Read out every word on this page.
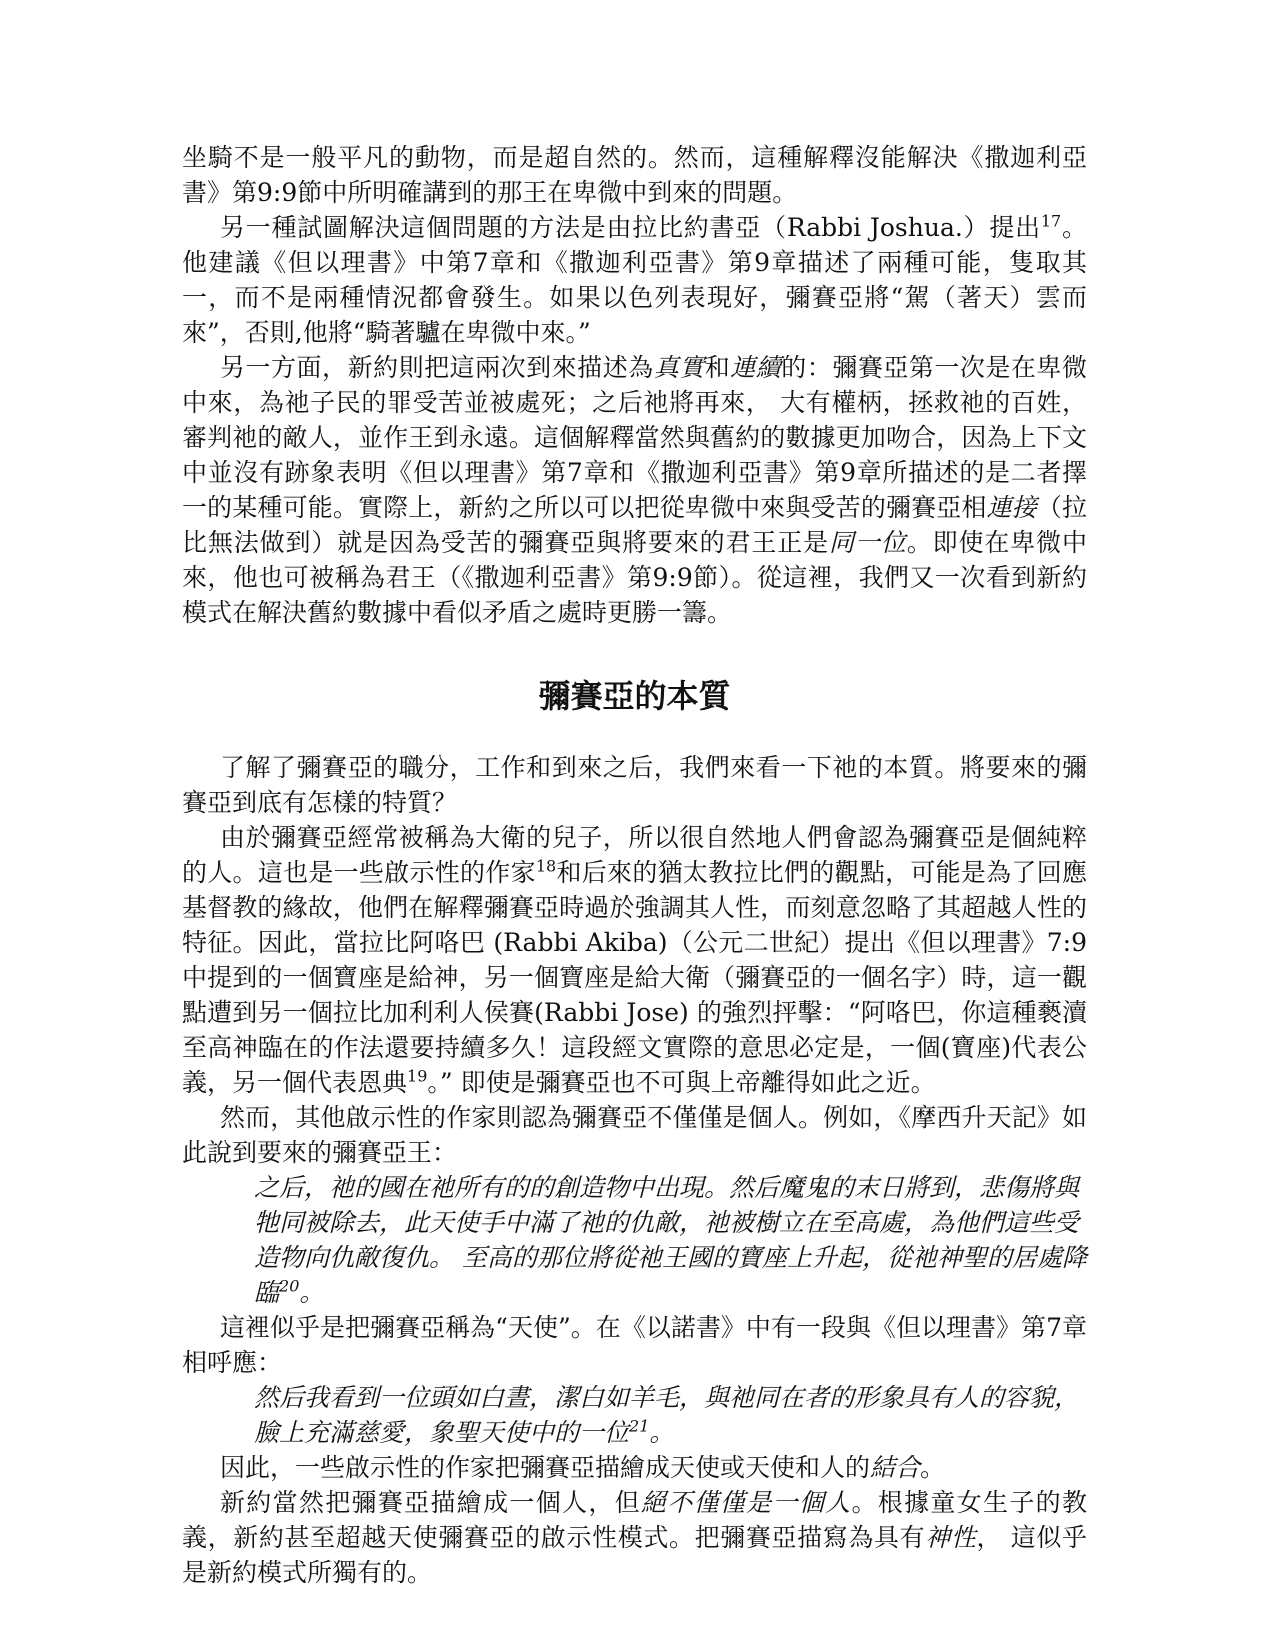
坐騎不是一般平凡的動物，而是超自然的。然而，這種解釋沒能解決《撒迦利亞書》第9:9節中所明確講到的那王在卑微中到來的問題。

另一種試圖解決這個問題的方法是由拉比約書亞（Rabbi Joshua.）提出$^{17}$。他建議《但以理書》中第7章和《撒迦利亞書》第9章描述了兩種可能，隻取其一，而不是兩種情況都會發生。如果以色列表現好，彌賽亞將“駕（著天）雲而來”，否則,他將“騎著驢在卑微中來。”

另一方面，新約則把這兩次到來描述為真實和連續的：彌賽亞第一次是在卑微中來，為祂子民的罪受苦並被處死；之后祂將再來， 大有權柄，拯救祂的百姓，審判祂的敵人，並作王到永遠。這個解釋當然與舊約的數據更加吻合，因為上下文中並沒有跡象表明《但以理書》第7章和《撒迦利亞書》第9章所描述的是二者擇一的某種可能。實際上，新約之所以可以把從卑微中來與受苦的彌賽亞相連接（拉比無法做到）就是因為受苦的彌賽亞與將要來的君王正是同一位。即使在卑微中來，他也可被稱為君王（《撒迦利亞書》第9:9節）。從這裡，我們又一次看到新約模式在解決舊約數據中看似矛盾之處時更勝一籌。

彌賽亞的本質

了解了彌賽亞的職分，工作和到來之后，我們來看一下祂的本質。將要來的彌賽亞到底有怎樣的特質？

由於彌賽亞經常被稱為大衛的兒子，所以很自然地人們會認為彌賽亞是個純粹的人。這也是一些啟示性的作家$^{18}$和后來的猶太教拉比們的觀點，可能是為了回應基督教的緣故，他們在解釋彌賽亞時過於強調其人性，而刻意忽略了其超越人性的特征。因此，當拉比阿咯巴 (Rabbi Akiba)（公元二世紀）提出《但以理書》7:9中提到的一個寶座是給神，另一個寶座是給大衛（彌賽亞的一個名字）時，這一觀點遭到另一個拉比加利利人侯賽(Rabbi Jose) 的強烈抨擊：“阿咯巴，你這種褻瀆至高神臨在的作法還要持續多久！這段經文實際的意思必定是，一個(寶座)代表公義，另一個代表恩典$^{19}$。” 即使是彌賽亞也不可與上帝離得如此之近。

然而，其他啟示性的作家則認為彌賽亞不僅僅是個人。例如，《摩西升天記》如此說到要來的彌賽亞王：

之后，祂的國在祂所有的的創造物中出現。然后魔鬼的末日將到，悲傷將與牠同被除去，此天使手中滿了祂的仇敵，祂被樹立在至高處，為他們這些受造物向仇敵復仇。 至高的那位將從祂王國的寶座上升起，從祂神聖的居處降臨$^{20}$。

這裡似乎是把彌賽亞稱為“天使”。在《以諾書》中有一段與《但以理書》第7章相呼應：

然后我看到一位頭如白晝，潔白如羊毛，與祂同在者的形象具有人的容貌，臉上充滿慈愛，象聖天使中的一位$^{21}$。

因此，一些啟示性的作家把彌賽亞描繪成天使或天使和人的結合。

新約當然把彌賽亞描繪成一個人，但絕不僅僅是一個人。根據童女生子的教義，新約甚至超越天使彌賽亞的啟示性模式。把彌賽亞描寫為具有神性， 這似乎是新約模式所獨有的。
